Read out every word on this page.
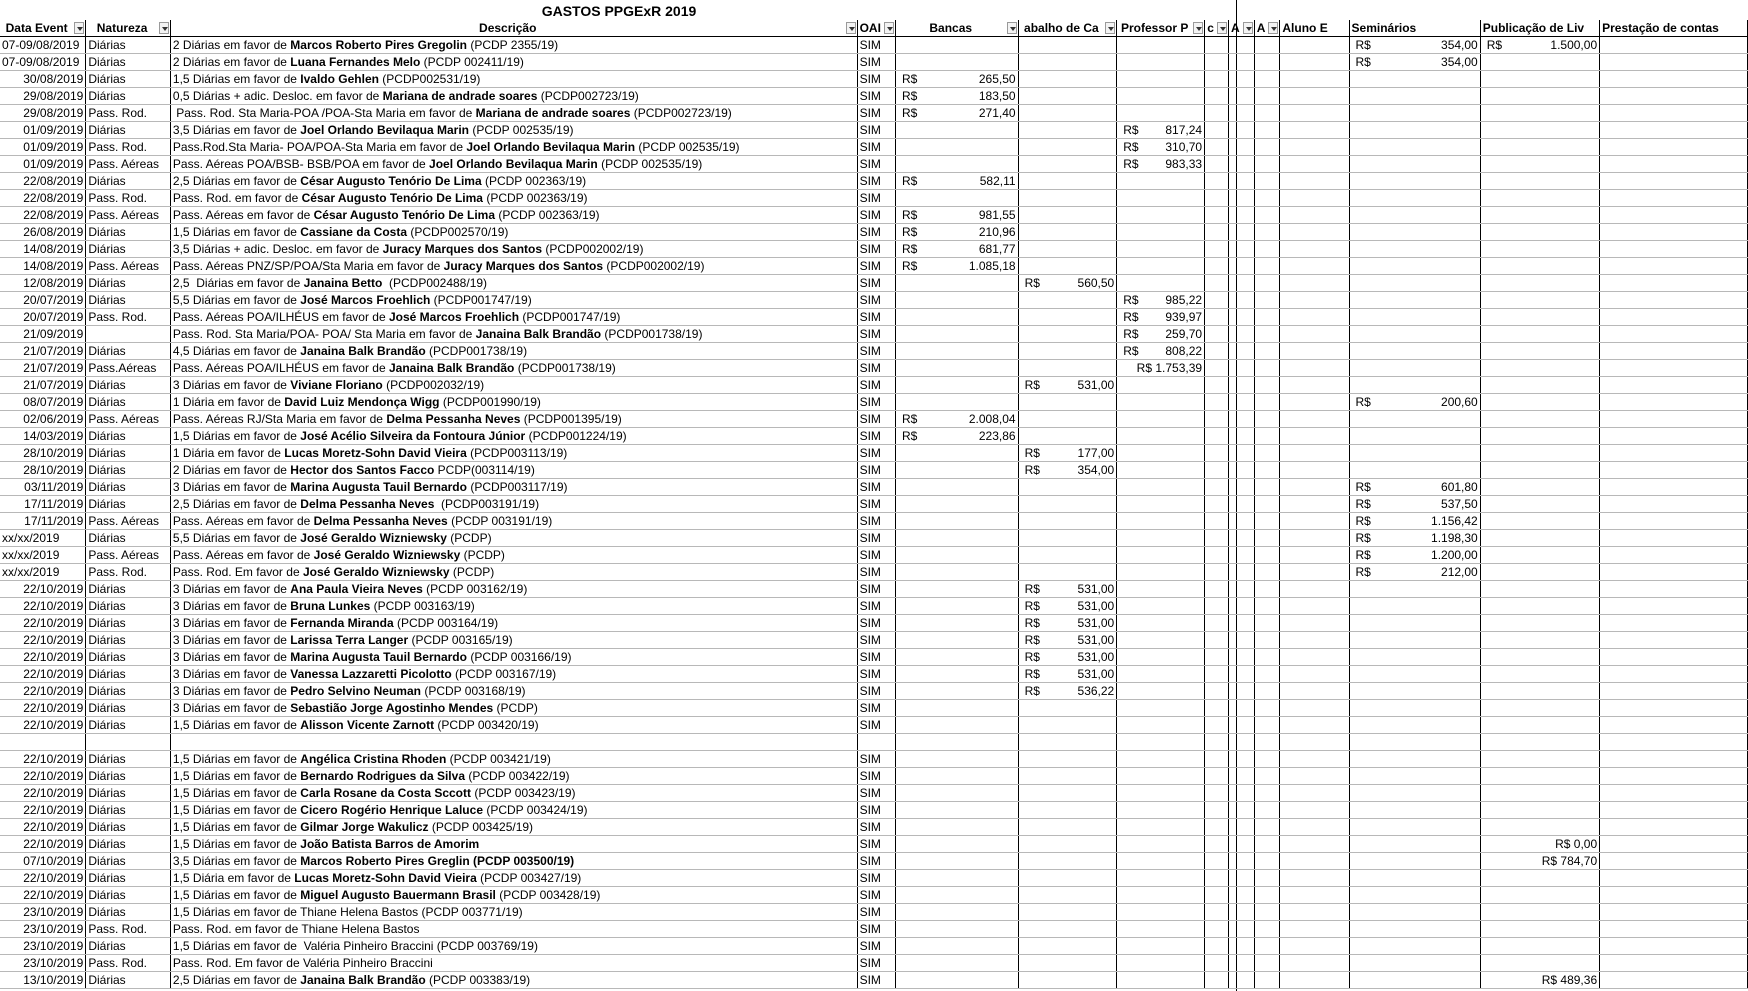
GASTOS PPGExR 2019
Data Event	Natureza	Descrição	OAI	Bancas	abalho de Ca	Professor P	c	A	A	Aluno E	Seminários	Publicação de Liv	Prestação de contas

07-09/08/2019	Diárias	2 Diárias em favor de Marcos Roberto Pires Gregolin (PCDP 2355/19)	SIM								R$ 354,00	R$ 1.500,00	

07-09/08/2019	Diárias	2 Diárias em favor de Luana Fernandes Melo (PCDP 002411/19)	SIM								R$ 354,00		

30/08/2019	Diárias	1,5 Diárias em favor de Ivaldo Gehlen (PCDP002531/19)	SIM	R$ 265,50									

29/08/2019	Diárias	0,5 Diárias + adic. Desloc. em favor de Mariana de andrade soares (PCDP002723/19)	SIM	R$ 183,50									

29/08/2019	Pass. Rod.	Pass. Rod. Sta Maria-POA /POA-Sta Maria em favor de Mariana de andrade soares (PCDP002723/19)	SIM	R$ 271,40									

01/09/2019	Diárias	3,5 Diárias em favor de Joel Orlando Bevilaqua Marin (PCDP 002535/19)	SIM			R$ 817,24							

01/09/2019	Pass. Rod.	Pass.Rod.Sta Maria- POA/POA-Sta Maria em favor de Joel Orlando Bevilaqua Marin (PCDP 002535/19)	SIM			R$ 310,70							

01/09/2019	Pass. Aéreas	Pass. Aéreas POA/BSB- BSB/POA em favor de Joel Orlando Bevilaqua Marin (PCDP 002535/19)	SIM			R$ 983,33							

22/08/2019	Diárias	2,5 Diárias em favor de César Augusto Tenório De Lima (PCDP 002363/19)	SIM	R$ 582,11									

22/08/2019	Pass. Rod.	Pass. Rod. em favor de César Augusto Tenório De Lima (PCDP 002363/19)	SIM										
22/08/2019	Pass. Aéreas	Pass. Aéreas em favor de César Augusto Tenório De Lima (PCDP 002363/19)	SIM	R$ 981,55									

26/08/2019	Diárias	1,5 Diárias em favor de Cassiane da Costa (PCDP002570/19)	SIM	R$ 210,96									

14/08/2019	Diárias	3,5 Diárias + adic. Desloc. em favor de Juracy Marques dos Santos (PCDP002002/19)	SIM	R$ 681,77									

14/08/2019	Pass. Aéreas	Pass. Aéreas PNZ/SP/POA/Sta Maria em favor de Juracy Marques dos Santos (PCDP002002/19)	SIM	R$ 1.085,18									

12/08/2019	Diárias	2,5  Diárias em favor de Janaina Betto  (PCDP002488/19)	SIM		R$ 560,50								

20/07/2019	Diárias	5,5 Diárias em favor de José Marcos Froehlich (PCDP001747/19)	SIM			R$ 985,22							

20/07/2019	Pass. Rod.	Pass. Aéreas POA/ILHÉUS em favor de José Marcos Froehlich (PCDP001747/19)	SIM			R$ 939,97							

21/09/2019		Pass. Rod. Sta Maria/POA- POA/ Sta Maria em favor de Janaina Balk Brandão (PCDP001738/19)	SIM			R$ 259,70							

21/07/2019	Diárias	4,5 Diárias em favor de Janaina Balk Brandão (PCDP001738/19)	SIM			R$ 808,22							

21/07/2019	Pass.Aéreas	Pass. Aéreas POA/ILHÉUS em favor de Janaina Balk Brandão (PCDP001738/19)	SIM			R$ 1.753,39							

21/07/2019	Diárias	3 Diárias em favor de Viviane Floriano (PCDP002032/19)	SIM		R$ 531,00								

08/07/2019	Diárias	1 Diária em favor de David Luiz Mendonça Wigg (PCDP001990/19)	SIM								R$ 200,60		

02/06/2019	Pass. Aéreas	Pass. Aéreas RJ/Sta Maria em favor de Delma Pessanha Neves (PCDP001395/19)	SIM	R$ 2.008,04									

14/03/2019	Diárias	1,5 Diárias em favor de José Acélio Silveira da Fontoura Júnior (PCDP001224/19)	SIM	R$ 223,86									

28/10/2019	Diárias	1 Diária em favor de Lucas Moretz-Sohn David Vieira (PCDP003113/19)	SIM		R$ 177,00								

28/10/2019	Diárias	2 Diárias em favor de Hector dos Santos Facco PCDP(003114/19)	SIM		R$ 354,00								

03/11/2019	Diárias	3 Diárias em favor de Marina Augusta Tauil Bernardo (PCDP003117/19)	SIM								R$ 601,80		

17/11/2019	Diárias	2,5 Diárias em favor de Delma Pessanha Neves  (PCDP003191/19)	SIM								R$ 537,50		

17/11/2019	Pass. Aéreas	Pass. Aéreas em favor de Delma Pessanha Neves (PCDP 003191/19)	SIM								R$ 1.156,42		

xx/xx/2019	Diárias	5,5 Diárias em favor de José Geraldo Wizniewsky (PCDP)	SIM								R$ 1.198,30		

xx/xx/2019	Pass. Aéreas	Pass. Aéreas em favor de José Geraldo Wizniewsky (PCDP)	SIM								R$ 1.200,00		

xx/xx/2019	Pass. Rod.	Pass. Rod. Em favor de José Geraldo Wizniewsky (PCDP)	SIM								R$ 212,00		

22/10/2019	Diárias	3 Diárias em favor de Ana Paula Vieira Neves (PCDP 003162/19)	SIM		R$ 531,00								

22/10/2019	Diárias	3 Diárias em favor de Bruna Lunkes (PCDP 003163/19)	SIM		R$ 531,00								

22/10/2019	Diárias	3 Diárias em favor de Fernanda Miranda (PCDP 003164/19)	SIM		R$ 531,00								

22/10/2019	Diárias	3 Diárias em favor de Larissa Terra Langer (PCDP 003165/19)	SIM		R$ 531,00								

22/10/2019	Diárias	3 Diárias em favor de Marina Augusta Tauil Bernardo (PCDP 003166/19)	SIM		R$ 531,00								

22/10/2019	Diárias	3 Diárias em favor de Vanessa Lazzaretti Picolotto (PCDP 003167/19)	SIM		R$ 531,00								

22/10/2019	Diárias	3 Diárias em favor de Pedro Selvino Neuman (PCDP 003168/19)	SIM		R$ 536,22								

22/10/2019	Diárias	3 Diárias em favor de Sebastião Jorge Agostinho Mendes (PCDP)	SIM										
22/10/2019	Diárias	1,5 Diárias em favor de Alisson Vicente Zarnott (PCDP 003420/19)	SIM										

22/10/2019	Diárias	1,5 Diárias em favor de Angélica Cristina Rhoden (PCDP 003421/19)	SIM										
22/10/2019	Diárias	1,5 Diárias em favor de Bernardo Rodrigues da Silva (PCDP 003422/19)	SIM										
22/10/2019	Diárias	1,5 Diárias em favor de Carla Rosane da Costa Sccott (PCDP 003423/19)	SIM										
22/10/2019	Diárias	1,5 Diárias em favor de Cicero Rogério Henrique Laluce (PCDP 003424/19)	SIM										
22/10/2019	Diárias	1,5 Diárias em favor de Gilmar Jorge Wakulicz (PCDP 003425/19)	SIM										
22/10/2019	Diárias	1,5 Diárias em favor de João Batista Barros de Amorim	SIM									R$ 0,00	

07/10/2019	Diárias	3,5 Diárias em favor de Marcos Roberto Pires Greglin (PCDP 003500/19)	SIM									R$ 784,70	

22/10/2019	Diárias	1,5 Diária em favor de Lucas Moretz-Sohn David Vieira (PCDP 003427/19)	SIM										
22/10/2019	Diárias	1,5 Diárias em favor de Miguel Augusto Bauermann Brasil (PCDP 003428/19)	SIM										
23/10/2019	Diárias	1,5 Diárias em favor de Thiane Helena Bastos (PCDP 003771/19)	SIM										
23/10/2019	Pass. Rod.	Pass. Rod. em favor de Thiane Helena Bastos	SIM										
23/10/2019	Diárias	1,5 Diárias em favor de  Valéria Pinheiro Braccini (PCDP 003769/19)	SIM										
23/10/2019	Pass. Rod.	Pass. Rod. Em favor de Valéria Pinheiro Braccini	SIM										
13/10/2019	Diárias	2,5 Diárias em favor de Janaina Balk Brandão (PCDP 003383/19)	SIM									R$ 489,36	
